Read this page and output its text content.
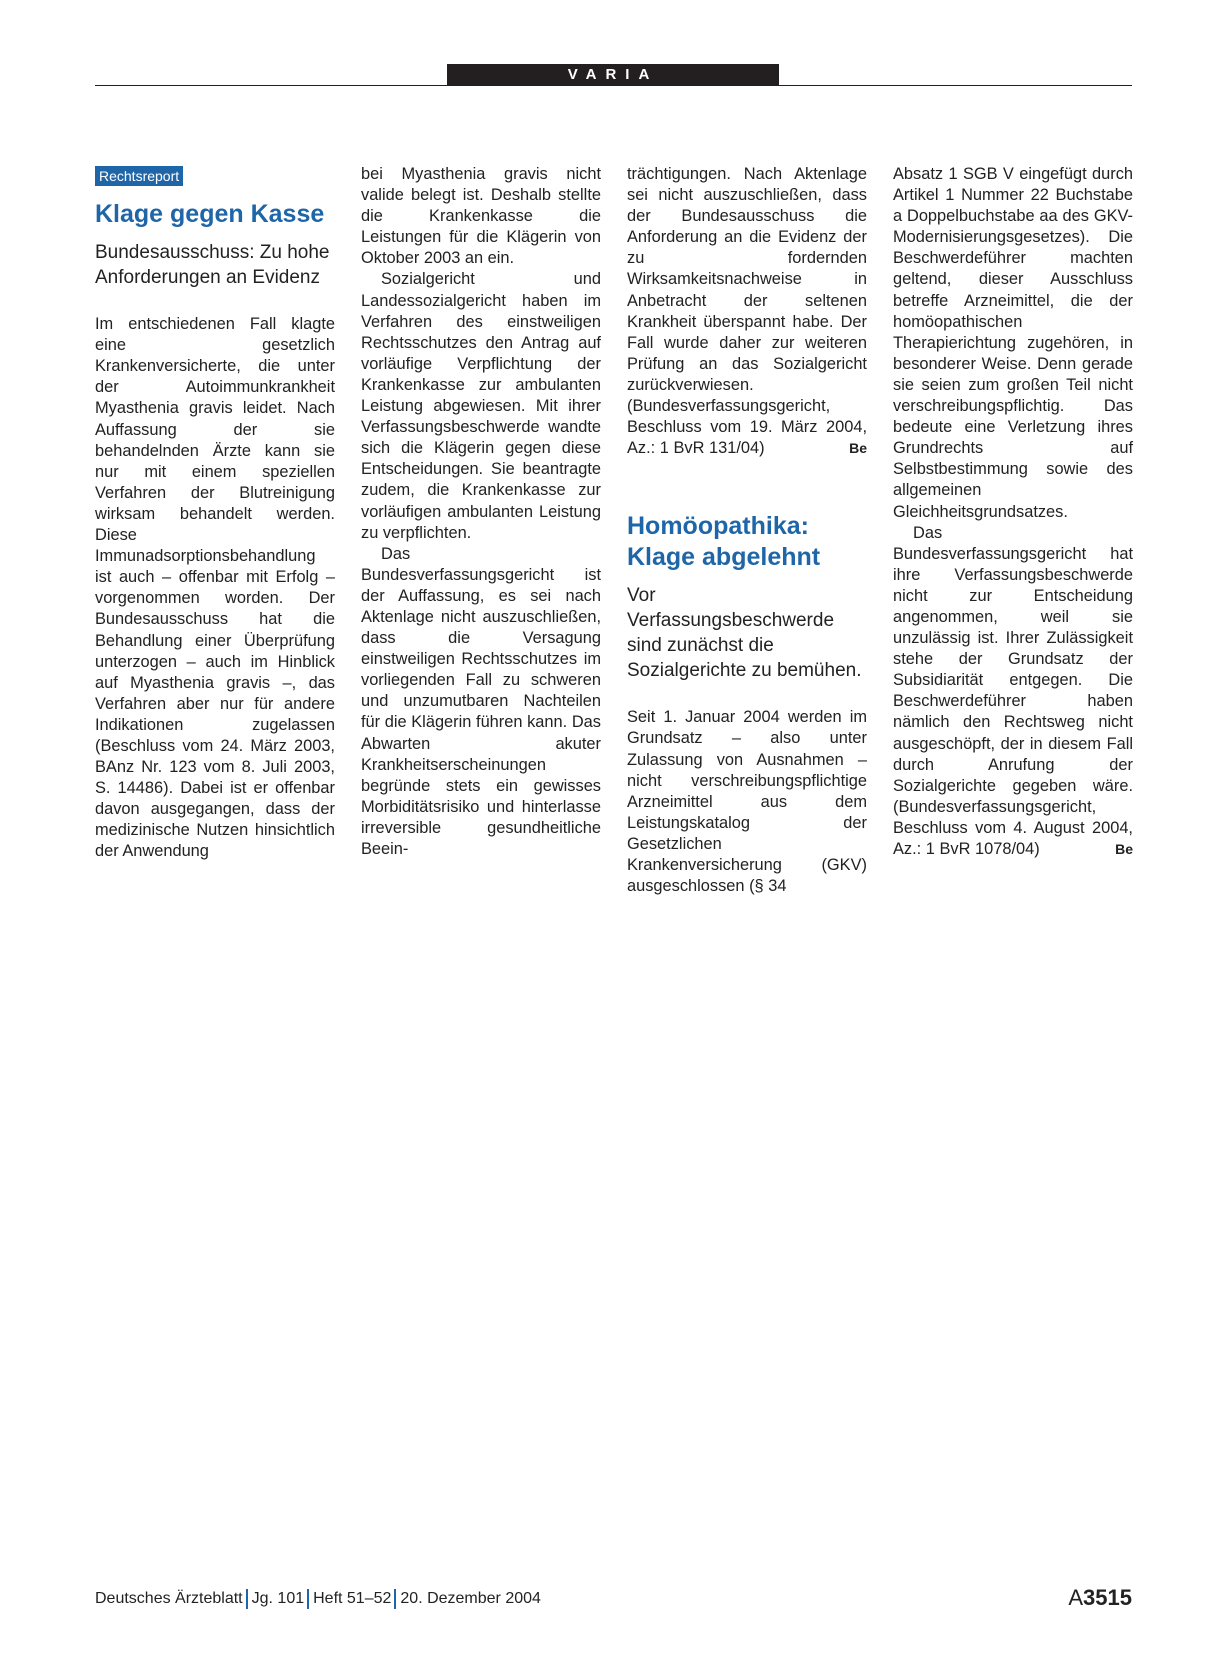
VARIA
Rechtsreport
Klage gegen Kasse
Bundesausschuss: Zu hohe Anforderungen an Evidenz

Im entschiedenen Fall klagte eine gesetzlich Krankenversicherte, die unter der Autoimmunkrankheit Myasthenia gravis leidet. Nach Auffassung der sie behandelnden Ärzte kann sie nur mit einem speziellen Verfahren der Blutreinigung wirksam behandelt werden. Diese Immunadsorptionsbehandlung ist auch – offenbar mit Erfolg – vorgenommen worden. Der Bundesausschuss hat die Behandlung einer Überprüfung unterzogen – auch im Hinblick auf Myasthenia gravis –, das Verfahren aber nur für andere Indikationen zugelassen (Beschluss vom 24. März 2003, BAnz Nr. 123 vom 8. Juli 2003, S. 14486). Dabei ist er offenbar davon ausgegangen, dass der medizinische Nutzen hinsichtlich der Anwendung

bei Myasthenia gravis nicht valide belegt ist. Deshalb stellte die Krankenkasse die Leistungen für die Klägerin von Oktober 2003 an ein.

Sozialgericht und Landessozialgericht haben im Verfahren des einstweiligen Rechtsschutzes den Antrag auf vorläufige Verpflichtung der Krankenkasse zur ambulanten Leistung abgewiesen. Mit ihrer Verfassungsbeschwerde wandte sich die Klägerin gegen diese Entscheidungen. Sie beantragte zudem, die Krankenkasse zur vorläufigen ambulanten Leistung zu verpflichten.

Das Bundesverfassungsgericht ist der Auffassung, es sei nach Aktenlage nicht auszuschließen, dass die Versagung einstweiligen Rechtsschutzes im vorliegenden Fall zu schweren und unzumutbaren Nachteilen für die Klägerin führen kann. Das Abwarten akuter Krankheitserscheinungen begründe stets ein gewisses Morbiditätsrisiko und hinterlasse irreversible gesundheitliche Beein-

trächtigungen. Nach Aktenlage sei nicht auszuschließen, dass der Bundesausschuss die Anforderung an die Evidenz der zu fordernden Wirksamkeitsnachweise in Anbetracht der seltenen Krankheit überspannt habe. Der Fall wurde daher zur weiteren Prüfung an das Sozialgericht zurückverwiesen. (Bundesverfassungsgericht, Beschluss vom 19. März 2004, Az.: 1 BvR 131/04)	Be
Homöopathika: Klage abgelehnt
Vor Verfassungsbeschwerde sind zunächst die Sozialgerichte zu bemühen.

Seit 1. Januar 2004 werden im Grundsatz – also unter Zulassung von Ausnahmen – nicht verschreibungspflichtige Arzneimittel aus dem Leistungskatalog der Gesetzlichen Krankenversicherung (GKV) ausgeschlossen (§ 34

Absatz 1 SGB V eingefügt durch Artikel 1 Nummer 22 Buchstabe a Doppelbuchstabe aa des GKV-Modernisierungsgesetzes). Die Beschwerdeführer machten geltend, dieser Ausschluss betreffe Arzneimittel, die der homöopathischen Therapierichtung zugehören, in besonderer Weise. Denn gerade sie seien zum großen Teil nicht verschreibungspflichtig. Das bedeute eine Verletzung ihres Grundrechts auf Selbstbestimmung sowie des allgemeinen Gleichheitsgrundsatzes.

Das Bundesverfassungsgericht hat ihre Verfassungsbeschwerde nicht zur Entscheidung angenommen, weil sie unzulässig ist. Ihrer Zulässigkeit stehe der Grundsatz der Subsidiarität entgegen. Die Beschwerdeführer haben nämlich den Rechtsweg nicht ausgeschöpft, der in diesem Fall durch Anrufung der Sozialgerichte gegeben wäre. (Bundesverfassungsgericht, Beschluss vom 4. August 2004, Az.: 1 BvR 1078/04)	Be
Deutsches Ärzteblatt Jg. 101 Heft 51–52 20. Dezember 2004	A3515
